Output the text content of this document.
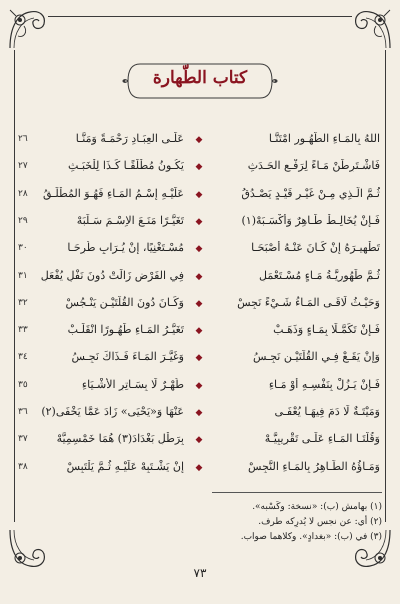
كتاب الطّهارة
٢٦	عَلَـى العِبَـادِ رَحْمَـةً وَمَنَّـا	◆	اللهُ بِالمَـاءِ الطَّهُـورِ امْتَنَّـا
٢٧	يَكُـونُ مُطْلَقًـا كَـذَا لِلْخَبَـثِ	◆	فَاشْـتَرِطَنْ مَـاءً لِرَفْـعِ الحَـدَثِ
٢٨	عَلَيْـهِ إِسْـمُ المَـاءِ فَهُـوَ المُطْلَـقُ	◆	ثُـمَّ الَّـذِي مِـنْ غَيْـرِ قَيْـدٍ يَصْـدُقُ
٢٩	تَغَيُّـرًا مَنَـعَ الاِسْـمَ سَـلَبَهْ	◆	فَـإِنْ يُخَالِـطْ طَـاهِرٌ وَأَكْسَـبَهْ(١)
٣٠	مُسْـتَغْنِيًا، إِنْ يُـرَابٍ طُرِحَـا	◆	تَطْهِيـرَهُ إِنْ كَـانَ عَنْـهُ أَصْبَحَـا
٣١	فِي الفَرْضِ زَالَتْ دُونَ نَفْلٍ يُفْعَلِ	◆	ثُـمَّ طَهُورِيَّـةُ مَـاءٍ مُسْـتَعْمَلِ
٣٢	وَكَـانَ دُونَ القُلَّتَيْـنِ يَنْـجُسْ	◆	وَحَيْـثُ لَاقَـى المَـاءُ شَـيْءً نَجِسْ
٣٣	تَغَيُّـرُ المَـاءِ طَهُـورًا انْقَلَـبْ	◆	فَـإِنْ تَكَمَّـلَا بِمَـاءٍ وَذَهَـبْ
٣٤	وَغَيَّـرَ المَـاءَ فَـذَاكَ نَجِـسُ	◆	وَإِنْ يَقَـعْ فِـي القُلَّتَيْـنِ نَجِـسُ
٣٥	طُهْـرٌ لَا بِسَـاتِرِ الأَشْـيَاءِ	◆	فَـإِنْ يَـزُلْ بِنَفْسِـهِ أَوْ مَـاءِ
٣٦	عَنْهَا وَ«يَحْيَى» زَادَ عَمَّا يَخْفَى(٢)	◆	وَمَيْتَـةٌ لَا دَمَ فِيهَـا يُعْفَـى
٣٧	بِرَطْلِ بَغْدَادَ(٣) هُمَا خَمْسِمِيَّهْ	◆	وَقُلَّتَـا المَـاءِ عَلَـى تَقْرِيبِيَّـهْ
٣٨	إِنْ يَشْـتَبِهْ عَلَيْـهِ ثُـمَّ يَلْتَبِسْ	◆	وَمَـاؤُهُ الطَّـاهِرُ بِالمَـاءِ النَّجِسْ
(١) بهامش (ب): «نسخة: وكَسْبه».
(٢) أي: عن نجس لا يُدرِكه طرف.
(٣) في (ب): «بغدادٍ». وكلاهما صواب.
٧٣
